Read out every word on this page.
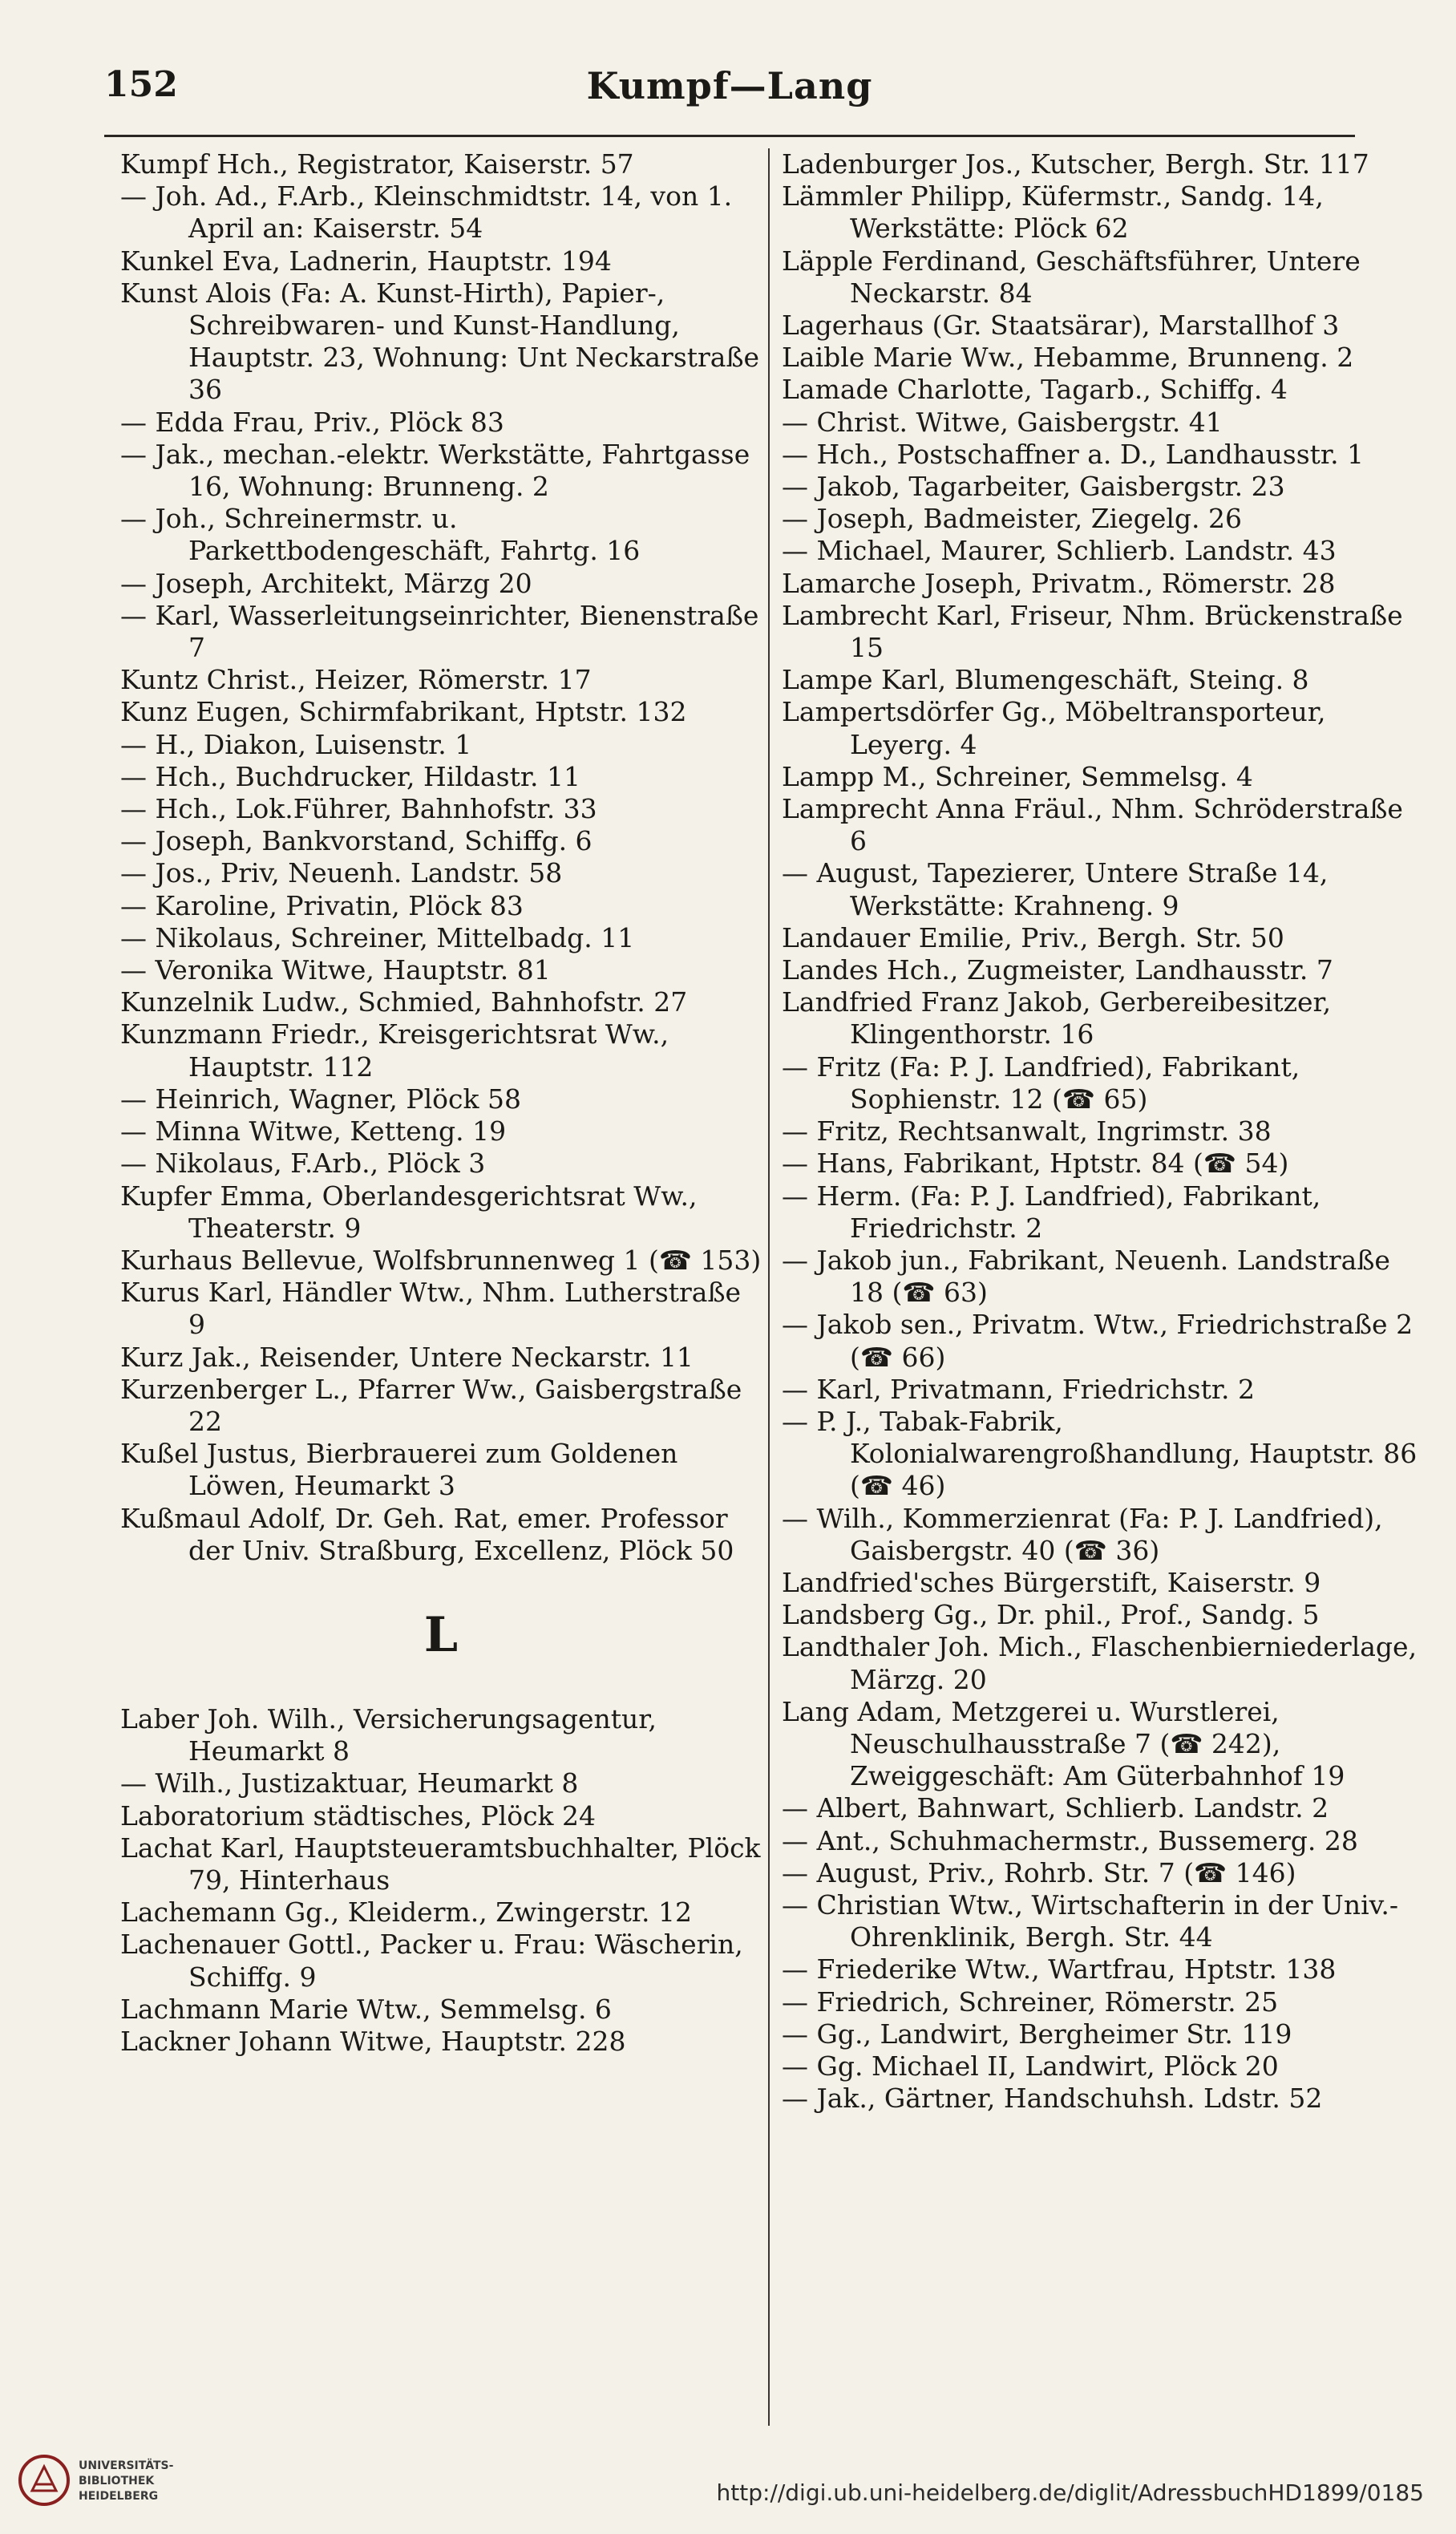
152	Kumpf—Lang

Kumpf Hch., Registrator, Kaiserstr. 57

— Joh. Ad., F.Arb., Kleinschmidtstr. 14, von 1. April an: Kaiserstr. 54

Kunkel Eva, Ladnerin, Hauptstr. 194

Kunst Alois (Fa: A. Kunst-Hirth), Papier-, Schreibwaren- und Kunst-Handlung, Hauptstr. 23, Wohnung: Unt Neckarstraße 36

— Edda Frau, Priv., Plöck 83

— Jak., mechan.-elektr. Werkstätte, Fahrtgasse 16, Wohnung: Brunneng. 2

— Joh., Schreinermstr. u. Parkettbodengeschäft, Fahrtg. 16

— Joseph, Architekt, Märzg 20

— Karl, Wasserleitungseinrichter, Bienenstraße 7

Kuntz Christ., Heizer, Römerstr. 17

Kunz Eugen, Schirmfabrikant, Hptstr. 132

— H., Diakon, Luisenstr. 1

— Hch., Buchdrucker, Hildastr. 11

— Hch., Lok.Führer, Bahnhofstr. 33

— Joseph, Bankvorstand, Schiffg. 6

— Jos., Priv, Neuenh. Landstr. 58

— Karoline, Privatin, Plöck 83

— Nikolaus, Schreiner, Mittelbadg. 11

— Veronika Witwe, Hauptstr. 81

Kunzelnik Ludw., Schmied, Bahnhofstr. 27

Kunzmann Friedr., Kreisgerichtsrat Ww., Hauptstr. 112

— Heinrich, Wagner, Plöck 58

— Minna Witwe, Ketteng. 19

— Nikolaus, F.Arb., Plöck 3

Kupfer Emma, Oberlandesgerichtsrat Ww., Theaterstr. 9

Kurhaus Bellevue, Wolfsbrunnenweg 1 (☎ 153)

Kurus Karl, Händler Wtw., Nhm. Lutherstraße 9

Kurz Jak., Reisender, Untere Neckarstr. 11

Kurzenberger L., Pfarrer Ww., Gaisbergstraße 22

Kußel Justus, Bierbrauerei zum Goldenen Löwen, Heumarkt 3

Kußmaul Adolf, Dr. Geh. Rat, emer. Professor der Univ. Straßburg, Excellenz, Plöck 50

L

Laber Joh. Wilh., Versicherungsagentur, Heumarkt 8

— Wilh., Justizaktuar, Heumarkt 8

Laboratorium städtisches, Plöck 24

Lachat Karl, Hauptsteueramtsbuchhalter, Plöck 79, Hinterhaus

Lachemann Gg., Kleiderm., Zwingerstr. 12

Lachenauer Gottl., Packer u. Frau: Wäscherin, Schiffg. 9

Lachmann Marie Wtw., Semmelsg. 6

Lackner Johann Witwe, Hauptstr. 228

Ladenburger Jos., Kutscher, Bergh. Str. 117

Lämmler Philipp, Küfermstr., Sandg. 14, Werkstätte: Plöck 62

Läpple Ferdinand, Geschäftsführer, Untere Neckarstr. 84

Lagerhaus (Gr. Staatsärar), Marstallhof 3

Laible Marie Ww., Hebamme, Brunneng. 2

Lamade Charlotte, Tagarb., Schiffg. 4

— Christ. Witwe, Gaisbergstr. 41

— Hch., Postschaffner a. D., Landhausstr. 1

— Jakob, Tagarbeiter, Gaisbergstr. 23

— Joseph, Badmeister, Ziegelg. 26

— Michael, Maurer, Schlierb. Landstr. 43

Lamarche Joseph, Privatm., Römerstr. 28

Lambrecht Karl, Friseur, Nhm. Brückenstraße 15

Lampe Karl, Blumengeschäft, Steing. 8

Lampertsdörfer Gg., Möbeltransporteur, Leyerg. 4

Lampp M., Schreiner, Semmelsg. 4

Lamprecht Anna Fräul., Nhm. Schröderstraße 6

— August, Tapezierer, Untere Straße 14, Werkstätte: Krahneng. 9

Landauer Emilie, Priv., Bergh. Str. 50

Landes Hch., Zugmeister, Landhausstr. 7

Landfried Franz Jakob, Gerbereibesitzer, Klingenthorstr. 16

— Fritz (Fa: P. J. Landfried), Fabrikant, Sophienstr. 12 (☎ 65)

— Fritz, Rechtsanwalt, Ingrimstr. 38

— Hans, Fabrikant, Hptstr. 84 (☎ 54)

— Herm. (Fa: P. J. Landfried), Fabrikant, Friedrichstr. 2

— Jakob jun., Fabrikant, Neuenh. Landstraße 18 (☎ 63)

— Jakob sen., Privatm. Wtw., Friedrichstraße 2 (☎ 66)

— Karl, Privatmann, Friedrichstr. 2

— P. J., Tabak-Fabrik, Kolonialwarengroßhandlung, Hauptstr. 86 (☎ 46)

— Wilh., Kommerzienrat (Fa: P. J. Landfried), Gaisbergstr. 40 (☎ 36)

Landfried'sches Bürgerstift, Kaiserstr. 9

Landsberg Gg., Dr. phil., Prof., Sandg. 5

Landthaler Joh. Mich., Flaschenbierniederlage, Märzg. 20

Lang Adam, Metzgerei u. Wurstlerei, Neuschulhausstraße 7 (☎ 242), Zweiggeschäft: Am Güterbahnhof 19

— Albert, Bahnwart, Schlierb. Landstr. 2

— Ant., Schuhmachermstr., Bussemerg. 28

— August, Priv., Rohrb. Str. 7 (☎ 146)

— Christian Wtw., Wirtschafterin in der Univ.-Ohrenklinik, Bergh. Str. 44

— Friederike Wtw., Wartfrau, Hptstr. 138

— Friedrich, Schreiner, Römerstr. 25

— Gg., Landwirt, Bergheimer Str. 119

— Gg. Michael II, Landwirt, Plöck 20

— Jak., Gärtner, Handschuhsh. Ldstr. 52

UNIVERSITÄTS-
BIBLIOTHEK
HEIDELBERG	http://digi.ub.uni-heidelberg.de/diglit/AdressbuchHD1899/0185
